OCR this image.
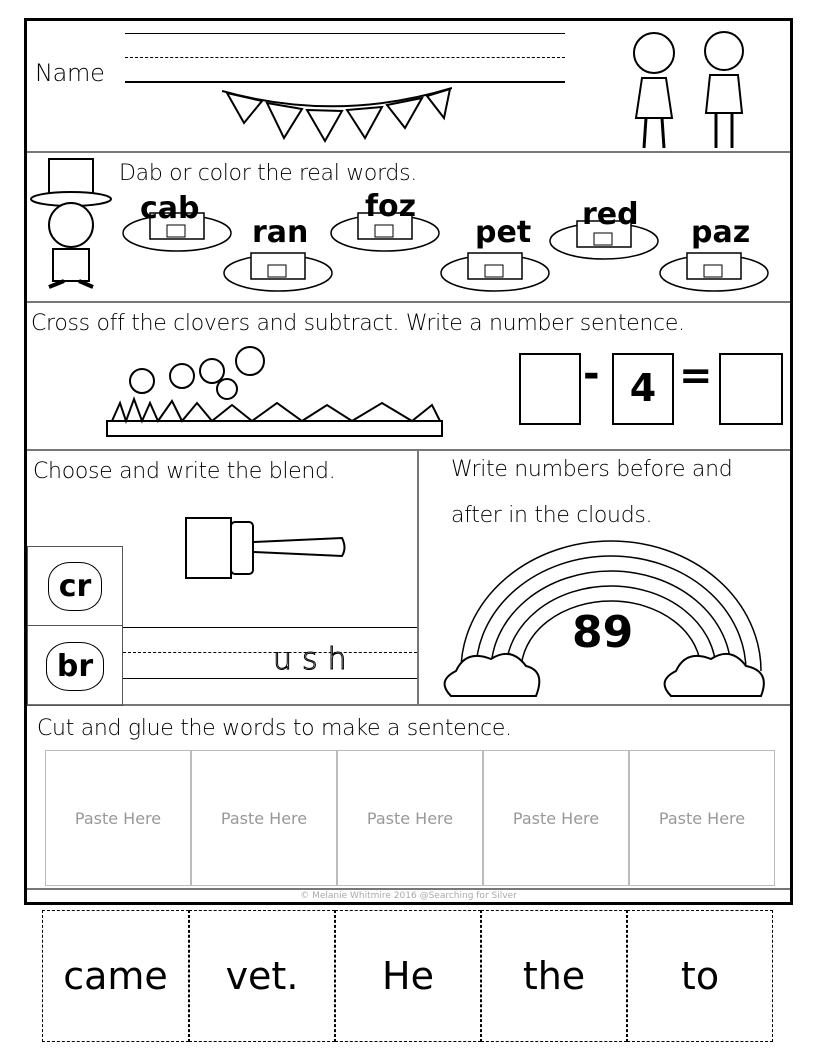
Name
Dab or color the real words.
cab
ran
foz
pet
red
paz
Cross off the clovers and subtract. Write a number sentence.
- 4 =
Choose and write the blend.
cr
br	ush
Write numbers before and
after in the clouds.
89
Cut and glue the words to make a sentence.
Paste Here	Paste Here	Paste Here	Paste Here	Paste Here
© Melanie Whitmire 2016 @Searching for Silver
came	vet.	He	the	to
